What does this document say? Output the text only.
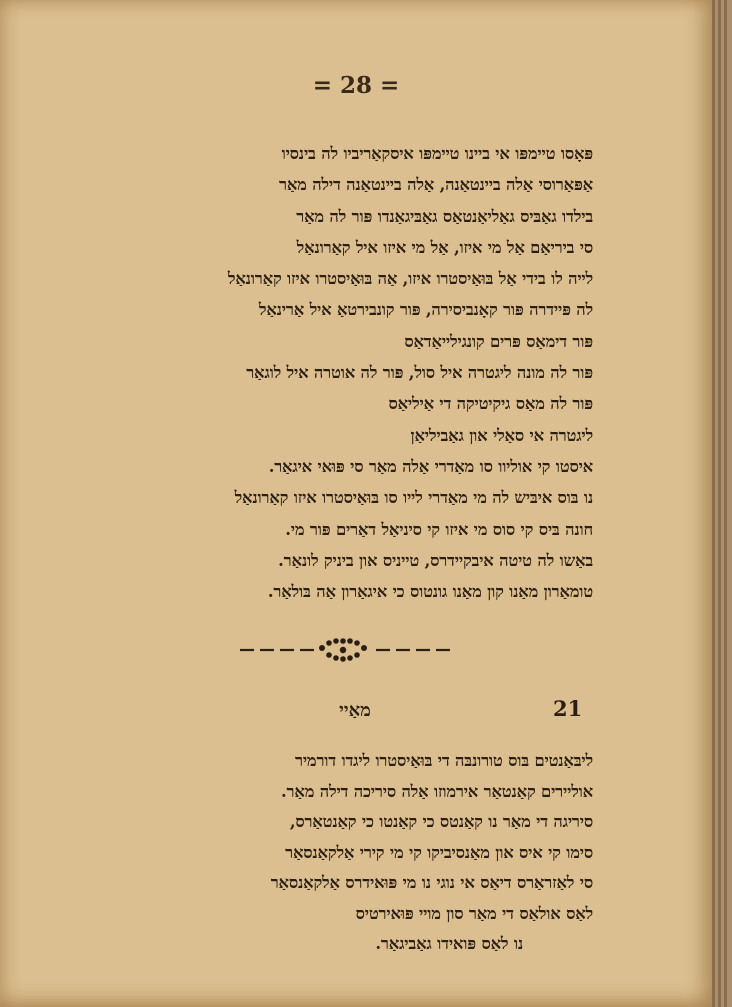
= 28 =
פּאָסו טיימפּו אי ביינו טיימפּו איסקאַריביו לה בינסיו
אַפּאַרוסי אַלה ביינטאַנה, אַלה ביינטאַנה דילה מאַר
בילדו גאַבּיס גאַליאַנטאַס גאַבּיגאַנדו פּור לה מאַר
סי ביריאַם אַל מי איזו, אַל מי איזו איל קאַרונאַל
לייה לו בידי אַל בּוּאַיסטרו איזו, אַה בּוּאַיסטרו איזו קאַרונאַל
לה פּיידרה פּור קאָנביסירה, פּור קונבירטאַ איל אַרינאַל
פּור דימאַס פּרים קונגילייאַדאַס
פּור לה מונה ליגטרה איל סול, פּור לה אוטרה איל לוגאַר
פּור לה מאַס גיקיטיקה די אַיליאַס
ליגטרה אי סאַלי און גאַביליאַן
איסטו קי אוליוו סו מאַדרי אַלה מאַר סי פּוּאי איגאַר.
נו בּוס איבּיש לה מי מאַדרי לייו סו בּוּאַיסטרו איזו קאַרונאַל
חונה בּיס קי סוס מי איזו קי סיניאַל דאַרים פּור מי.
באַשו לה טיטה איבקיידרס, טייניס און ביניק לונאַר.
טומאַרון מאַנו קון מאַנו גונטוס כי איגאַרון אַה בּולאַר.
21
מאַיי
ליבּאַנטים בּוס טורונבּה די בּוּאַיסטרו ליגדו דורמיר
אוליירים קאַנטאַר אירמוזו אַלה סיריכה דילה מאַר.
סיריגה די מאַר נו קאַנטס כי קאַנטו כי קאַנטאַרס,
סימו קי איס און מאַנסיביקו קי מי קירי אַלקאַנסאַר
סי לאַזראַרס דיאַס אי נוגי נו מי פּוּאידרס אַלקאַנסאַר
לאַס אולאַס די מאַר סון מויי פּוּאירטיס
נו לאַס פּואידו גאַביגאַר.
